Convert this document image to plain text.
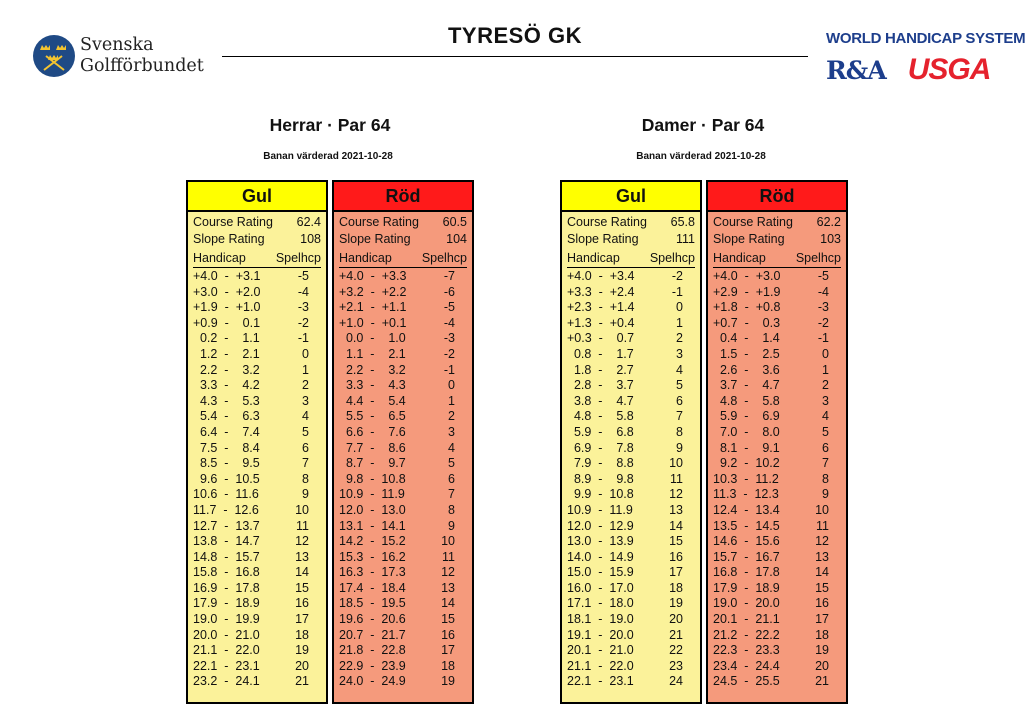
Svenska
Golfförbundet
TYRESÖ GK	WORLD HANDICAP SYSTEM
R&A USGA
Herrar · Par 64
Banan värderad 2021-10-28
Gul
Course Rating 62.4
Slope Rating	108
Handicap Spelhcp
+4.0  -  +3.1	-5
+3.0  -  +2.0	-4
+1.9  -  +1.0	-3
+0.9  -    0.1	-2
0.2  -    1.1	-1
1.2  -    2.1	0
2.2  -    3.2	1
3.3  -    4.2	2
4.3  -    5.3	3
5.4  -    6.3	4
6.4  -    7.4	5
7.5  -    8.4	6
8.5  -    9.5	7
9.6  -  10.5	8
10.6  -  11.6	9
11.7  -  12.6	10
12.7  -  13.7	11
13.8  -  14.7	12
14.8  -  15.7	13
15.8  -  16.8	14
16.9  -  17.8	15
17.9  -  18.9	16
19.0  -  19.9	17
20.0  -  21.0	18
21.1  -  22.0	19
22.1  -  23.1	20
23.2  -  24.1	21
Röd
Course Rating 60.5
Slope Rating	104
Handicap Spelhcp
+4.0  -  +3.3	-7
+3.2  -  +2.2	-6
+2.1  -  +1.1	-5
+1.0  -  +0.1	-4
0.0  -    1.0	-3
1.1  -    2.1	-2
2.2  -    3.2	-1
3.3  -    4.3	0
4.4  -    5.4	1
5.5  -    6.5	2
6.6  -    7.6	3
7.7  -    8.6	4
8.7  -    9.7	5
9.8  -  10.8	6
10.9  -  11.9	7
12.0  -  13.0	8
13.1  -  14.1	9
14.2  -  15.2	10
15.3  -  16.2	11
16.3  -  17.3	12
17.4  -  18.4	13
18.5  -  19.5	14
19.6  -  20.6	15
20.7  -  21.7	16
21.8  -  22.8	17
22.9  -  23.9	18
24.0  -  24.9	19
Damer · Par 64
Banan värderad 2021-10-28
Gul
Course Rating 65.8
Slope Rating	111
Handicap Spelhcp
+4.0  -  +3.4	-2
+3.3  -  +2.4	-1
+2.3  -  +1.4	0
+1.3  -  +0.4	1
+0.3  -    0.7	2
0.8  -    1.7	3
1.8  -    2.7	4
2.8  -    3.7	5
3.8  -    4.7	6
4.8  -    5.8	7
5.9  -    6.8	8
6.9  -    7.8	9
7.9  -    8.8	10
8.9  -    9.8	11
9.9  -  10.8	12
10.9  -  11.9	13
12.0  -  12.9	14
13.0  -  13.9	15
14.0  -  14.9	16
15.0  -  15.9	17
16.0  -  17.0	18
17.1  -  18.0	19
18.1  -  19.0	20
19.1  -  20.0	21
20.1  -  21.0	22
21.1  -  22.0	23
22.1  -  23.1	24
Röd
Course Rating 62.2
Slope Rating	103
Handicap Spelhcp
+4.0  -  +3.0	-5
+2.9  -  +1.9	-4
+1.8  -  +0.8	-3
+0.7  -    0.3	-2
0.4  -    1.4	-1
1.5  -    2.5	0
2.6  -    3.6	1
3.7  -    4.7	2
4.8  -    5.8	3
5.9  -    6.9	4
7.0  -    8.0	5
8.1  -    9.1	6
9.2  -  10.2	7
10.3  -  11.2	8
11.3  -  12.3	9
12.4  -  13.4	10
13.5  -  14.5	11
14.6  -  15.6	12
15.7  -  16.7	13
16.8  -  17.8	14
17.9  -  18.9	15
19.0  -  20.0	16
20.1  -  21.1	17
21.2  -  22.2	18
22.3  -  23.3	19
23.4  -  24.4	20
24.5  -  25.5	21
